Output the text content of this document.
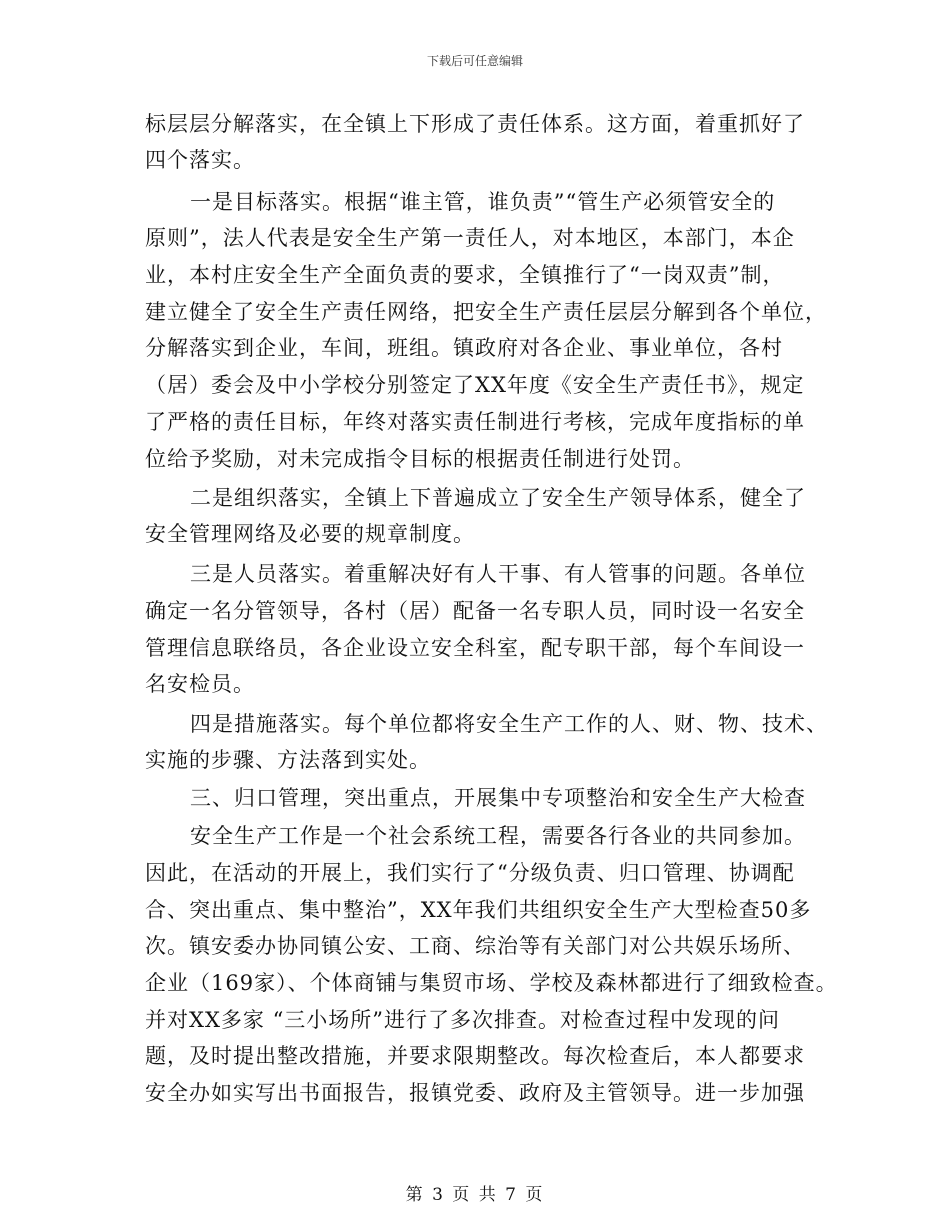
下载后可任意编辑
标层层分解落实，在全镇上下形成了责任体系。这方面，着重抓好了
四个落实。
一是目标落实。根据“谁主管，谁负责”“管生产必须管安全的
原则”，法人代表是安全生产第一责任人，对本地区，本部门，本企
业，本村庄安全生产全面负责的要求，全镇推行了“一岗双责”制，
建立健全了安全生产责任网络，把安全生产责任层层分解到各个单位，
分解落实到企业，车间，班组。镇政府对各企业、事业单位，各村
（居）委会及中小学校分别签定了XX年度《安全生产责任书》，规定
了严格的责任目标，年终对落实责任制进行考核，完成年度指标的单
位给予奖励，对未完成指令目标的根据责任制进行处罚。
二是组织落实，全镇上下普遍成立了安全生产领导体系，健全了
安全管理网络及必要的规章制度。
三是人员落实。着重解决好有人干事、有人管事的问题。各单位
确定一名分管领导，各村（居）配备一名专职人员，同时设一名安全
管理信息联络员，各企业设立安全科室，配专职干部，每个车间设一
名安检员。
四是措施落实。每个单位都将安全生产工作的人、财、物、技术、
实施的步骤、方法落到实处。
三、归口管理，突出重点，开展集中专项整治和安全生产大检查
安全生产工作是一个社会系统工程，需要各行各业的共同参加。
因此，在活动的开展上，我们实行了“分级负责、归口管理、协调配
合、突出重点、集中整治”，XX年我们共组织安全生产大型检查50多
次。镇安委办协同镇公安、工商、综治等有关部门对公共娱乐场所、
企业（169家）、个体商铺与集贸市场、学校及森林都进行了细致检查。
并对XX多家 “三小场所”进行了多次排查。对检查过程中发现的问
题，及时提出整改措施，并要求限期整改。每次检查后，本人都要求
安全办如实写出书面报告，报镇党委、政府及主管领导。进一步加强
第 3 页 共 7 页
